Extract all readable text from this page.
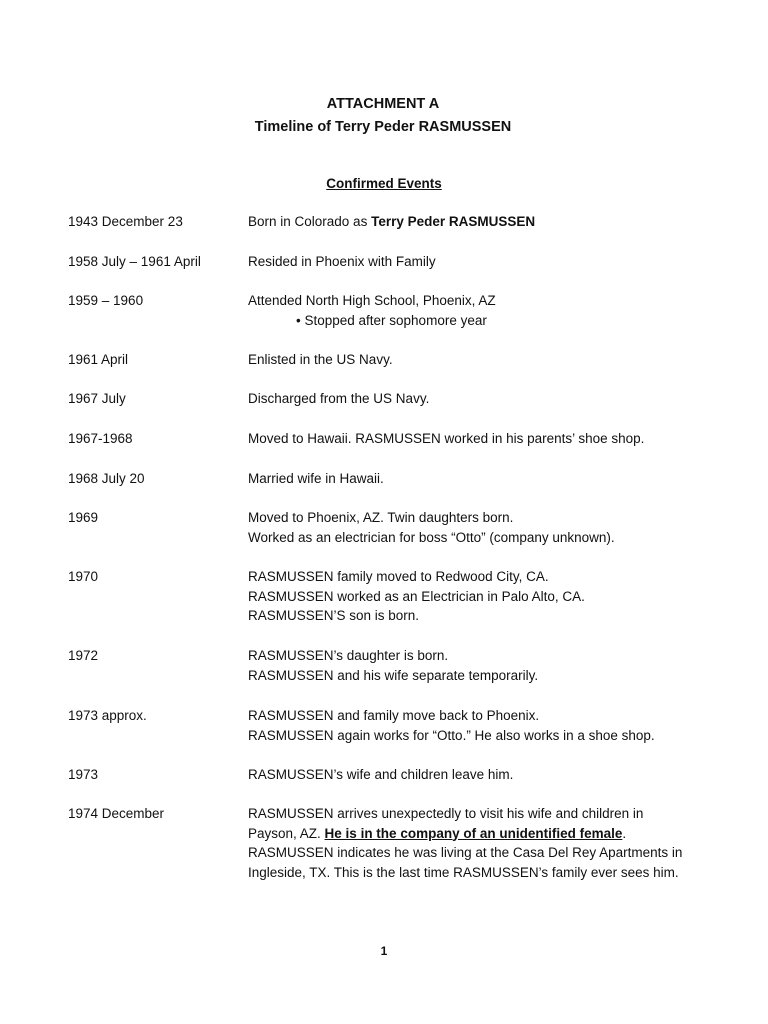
ATTACHMENT A
Timeline of Terry Peder RASMUSSEN
Confirmed Events
1943 December 23	Born in Colorado as Terry Peder RASMUSSEN
1958 July – 1961 April	Resided in Phoenix with Family
1959 – 1960	Attended North High School, Phoenix, AZ
• Stopped after sophomore year
1961 April	Enlisted in the US Navy.
1967 July	Discharged from the US Navy.
1967-1968	Moved to Hawaii. RASMUSSEN worked in his parents’ shoe shop.
1968 July 20	Married wife in Hawaii.
1969	Moved to Phoenix, AZ. Twin daughters born.
Worked as an electrician for boss “Otto” (company unknown).
1970	RASMUSSEN family moved to Redwood City, CA.
RASMUSSEN worked as an Electrician in Palo Alto, CA.
RASMUSSEN’S son is born.
1972	RASMUSSEN’s daughter is born.
RASMUSSEN and his wife separate temporarily.
1973 approx.	RASMUSSEN and family move back to Phoenix.
RASMUSSEN again works for “Otto.” He also works in a shoe shop.
1973	RASMUSSEN’s wife and children leave him.
1974 December	RASMUSSEN arrives unexpectedly to visit his wife and children in
Payson, AZ. He is in the company of an unidentified female.
RASMUSSEN indicates he was living at the Casa Del Rey Apartments in
Ingleside, TX. This is the last time RASMUSSEN’s family ever sees him.
1
